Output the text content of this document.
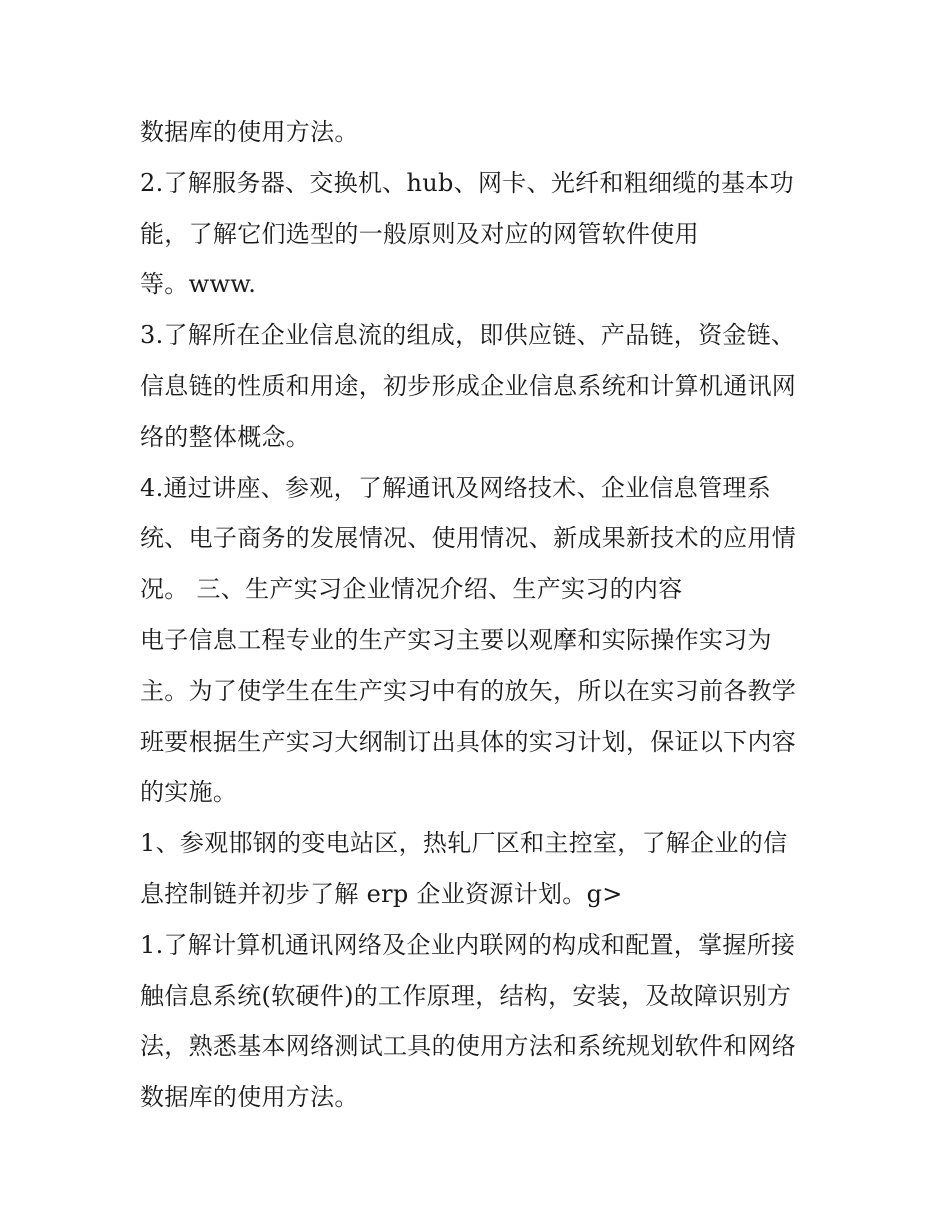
数据库的使用方法。
2.了解服务器、交换机、hub、网卡、光纤和粗细缆的基本功
能，了解它们选型的一般原则及对应的网管软件使用
等。www.
3.了解所在企业信息流的组成，即供应链、产品链，资金链、
信息链的性质和用途，初步形成企业信息系统和计算机通讯网
络的整体概念。
4.通过讲座、参观，了解通讯及网络技术、企业信息管理系
统、电子商务的发展情况、使用情况、新成果新技术的应用情
况。 三、生产实习企业情况介绍、生产实习的内容
电子信息工程专业的生产实习主要以观摩和实际操作实习为
主。为了使学生在生产实习中有的放矢，所以在实习前各教学
班要根据生产实习大纲制订出具体的实习计划，保证以下内容
的实施。
1、参观邯钢的变电站区，热轧厂区和主控室，了解企业的信
息控制链并初步了解 erp 企业资源计划。g>
1.了解计算机通讯网络及企业内联网的构成和配置，掌握所接
触信息系统(软硬件)的工作原理，结构，安装，及故障识别方
法，熟悉基本网络测试工具的使用方法和系统规划软件和网络
数据库的使用方法。
